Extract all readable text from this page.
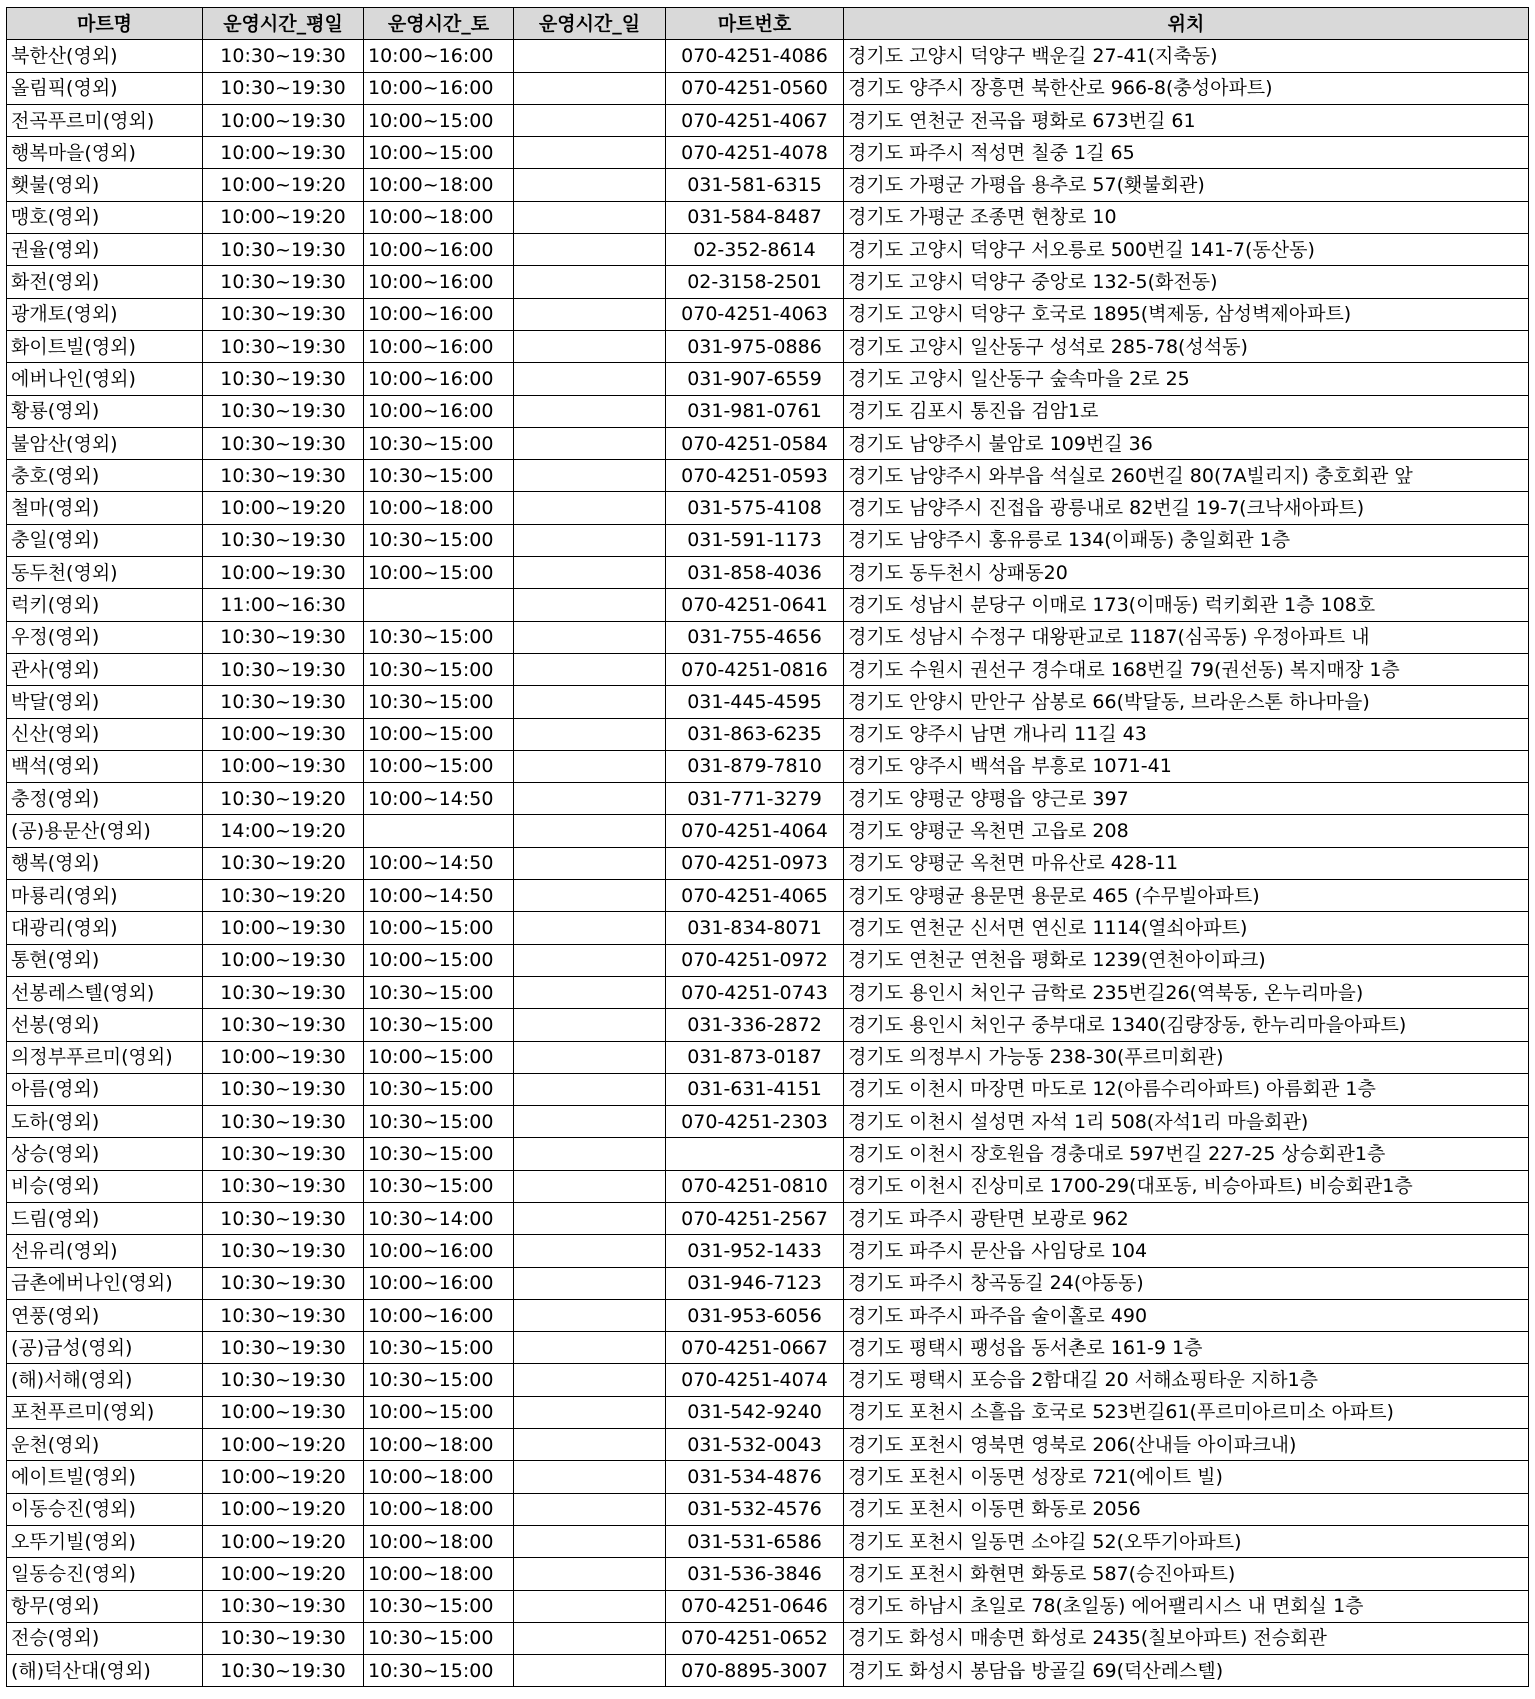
마트명	운영시간_평일	운영시간_토	운영시간_일	마트번호	위치
북한산(영외)	10:30~19:30	10:00~16:00		070-4251-4086	경기도 고양시 덕양구 백운길 27-41(지축동)
올림픽(영외)	10:30~19:30	10:00~16:00		070-4251-0560	경기도 양주시 장흥면 북한산로 966-8(충성아파트)
전곡푸르미(영외)	10:00~19:30	10:00~15:00		070-4251-4067	경기도 연천군 전곡읍 평화로 673번길 61
행복마을(영외)	10:00~19:30	10:00~15:00		070-4251-4078	경기도 파주시 적성면 칠중 1길 65
횃불(영외)	10:00~19:20	10:00~18:00		031-581-6315	경기도 가평군 가평읍 용추로 57(횃불회관)
맹호(영외)	10:00~19:20	10:00~18:00		031-584-8487	경기도 가평군 조종면 현창로 10
권율(영외)	10:30~19:30	10:00~16:00		02-352-8614	경기도 고양시 덕양구 서오릉로 500번길 141-7(동산동)
화전(영외)	10:30~19:30	10:00~16:00		02-3158-2501	경기도 고양시 덕양구 중앙로 132-5(화전동)
광개토(영외)	10:30~19:30	10:00~16:00		070-4251-4063	경기도 고양시 덕양구 호국로 1895(벽제동, 삼성벽제아파트)
화이트빌(영외)	10:30~19:30	10:00~16:00		031-975-0886	경기도 고양시 일산동구 성석로 285-78(성석동)
에버나인(영외)	10:30~19:30	10:00~16:00		031-907-6559	경기도 고양시 일산동구 숲속마을 2로 25
황룡(영외)	10:30~19:30	10:00~16:00		031-981-0761	경기도 김포시 통진읍 검암1로
불암산(영외)	10:30~19:30	10:30~15:00		070-4251-0584	경기도 남양주시 불암로 109번길 36
충호(영외)	10:30~19:30	10:30~15:00		070-4251-0593	경기도 남양주시 와부읍 석실로 260번길 80(7A빌리지) 충호회관 앞
철마(영외)	10:00~19:20	10:00~18:00		031-575-4108	경기도 남양주시 진접읍 광릉내로 82번길 19-7(크낙새아파트)
충일(영외)	10:30~19:30	10:30~15:00		031-591-1173	경기도 남양주시 홍유릉로 134(이패동) 충일회관 1층
동두천(영외)	10:00~19:30	10:00~15:00		031-858-4036	경기도 동두천시 상패동20
럭키(영외)	11:00~16:30			070-4251-0641	경기도 성남시 분당구 이매로 173(이매동) 럭키회관 1층 108호
우정(영외)	10:30~19:30	10:30~15:00		031-755-4656	경기도 성남시 수정구 대왕판교로 1187(심곡동) 우정아파트 내
관사(영외)	10:30~19:30	10:30~15:00		070-4251-0816	경기도 수원시 권선구 경수대로 168번길 79(권선동) 복지매장 1층
박달(영외)	10:30~19:30	10:30~15:00		031-445-4595	경기도 안양시 만안구 삼봉로 66(박달동, 브라운스톤 하나마을)
신산(영외)	10:00~19:30	10:00~15:00		031-863-6235	경기도 양주시 남면 개나리 11길 43
백석(영외)	10:00~19:30	10:00~15:00		031-879-7810	경기도 양주시 백석읍 부흥로 1071-41
충정(영외)	10:30~19:20	10:00~14:50		031-771-3279	경기도 양평군 양평읍 양근로 397
(공)용문산(영외)	14:00~19:20			070-4251-4064	경기도 양평군 옥천면 고읍로 208
행복(영외)	10:30~19:20	10:00~14:50		070-4251-0973	경기도 양평군 옥천면 마유산로 428-11
마룡리(영외)	10:30~19:20	10:00~14:50		070-4251-4065	경기도 양평균 용문면 용문로 465 (수무빌아파트)
대광리(영외)	10:00~19:30	10:00~15:00		031-834-8071	경기도 연천군 신서면 연신로 1114(열쇠아파트)
통현(영외)	10:00~19:30	10:00~15:00		070-4251-0972	경기도 연천군 연천읍 평화로 1239(연천아이파크)
선봉레스텔(영외)	10:30~19:30	10:30~15:00		070-4251-0743	경기도 용인시 처인구 금학로 235번길26(역북동, 온누리마을)
선봉(영외)	10:30~19:30	10:30~15:00		031-336-2872	경기도 용인시 처인구 중부대로 1340(김량장동, 한누리마을아파트)
의정부푸르미(영외)	10:00~19:30	10:00~15:00		031-873-0187	경기도 의정부시 가능동 238-30(푸르미회관)
아름(영외)	10:30~19:30	10:30~15:00		031-631-4151	경기도 이천시 마장면 마도로 12(아름수리아파트) 아름회관 1층
도하(영외)	10:30~19:30	10:30~15:00		070-4251-2303	경기도 이천시 설성면 자석 1리 508(자석1리 마을회관)
상승(영외)	10:30~19:30	10:30~15:00			경기도 이천시 장호원읍 경충대로 597번길 227-25 상승회관1층
비승(영외)	10:30~19:30	10:30~15:00		070-4251-0810	경기도 이천시 진상미로 1700-29(대포동, 비승아파트) 비승회관1층
드림(영외)	10:30~19:30	10:30~14:00		070-4251-2567	경기도 파주시 광탄면 보광로 962
선유리(영외)	10:30~19:30	10:00~16:00		031-952-1433	경기도 파주시 문산읍 사임당로 104
금촌에버나인(영외)	10:30~19:30	10:00~16:00		031-946-7123	경기도 파주시 창곡동길 24(야동동)
연풍(영외)	10:30~19:30	10:00~16:00		031-953-6056	경기도 파주시 파주읍 술이홀로 490
(공)금성(영외)	10:30~19:30	10:30~15:00		070-4251-0667	경기도 평택시 팽성읍 동서촌로 161-9 1층
(해)서해(영외)	10:30~19:30	10:30~15:00		070-4251-4074	경기도 평택시 포승읍 2함대길 20 서해쇼핑타운 지하1층
포천푸르미(영외)	10:00~19:30	10:00~15:00		031-542-9240	경기도 포천시 소흘읍 호국로 523번길61(푸르미아르미소 아파트)
운천(영외)	10:00~19:20	10:00~18:00		031-532-0043	경기도 포천시 영북면 영북로 206(산내들 아이파크내)
에이트빌(영외)	10:00~19:20	10:00~18:00		031-534-4876	경기도 포천시 이동면 성장로 721(에이트 빌)
이동승진(영외)	10:00~19:20	10:00~18:00		031-532-4576	경기도 포천시 이동면 화동로 2056
오뚜기빌(영외)	10:00~19:20	10:00~18:00		031-531-6586	경기도 포천시 일동면 소야길 52(오뚜기아파트)
일동승진(영외)	10:00~19:20	10:00~18:00		031-536-3846	경기도 포천시 화현면 화동로 587(승진아파트)
항무(영외)	10:30~19:30	10:30~15:00		070-4251-0646	경기도 하남시 초일로 78(초일동) 에어팰리시스 내 면회실 1층
전승(영외)	10:30~19:30	10:30~15:00		070-4251-0652	경기도 화성시 매송면 화성로 2435(칠보아파트) 전승회관
(해)덕산대(영외)	10:30~19:30	10:30~15:00		070-8895-3007	경기도 화성시 봉담읍 방골길 69(덕산레스텔)
